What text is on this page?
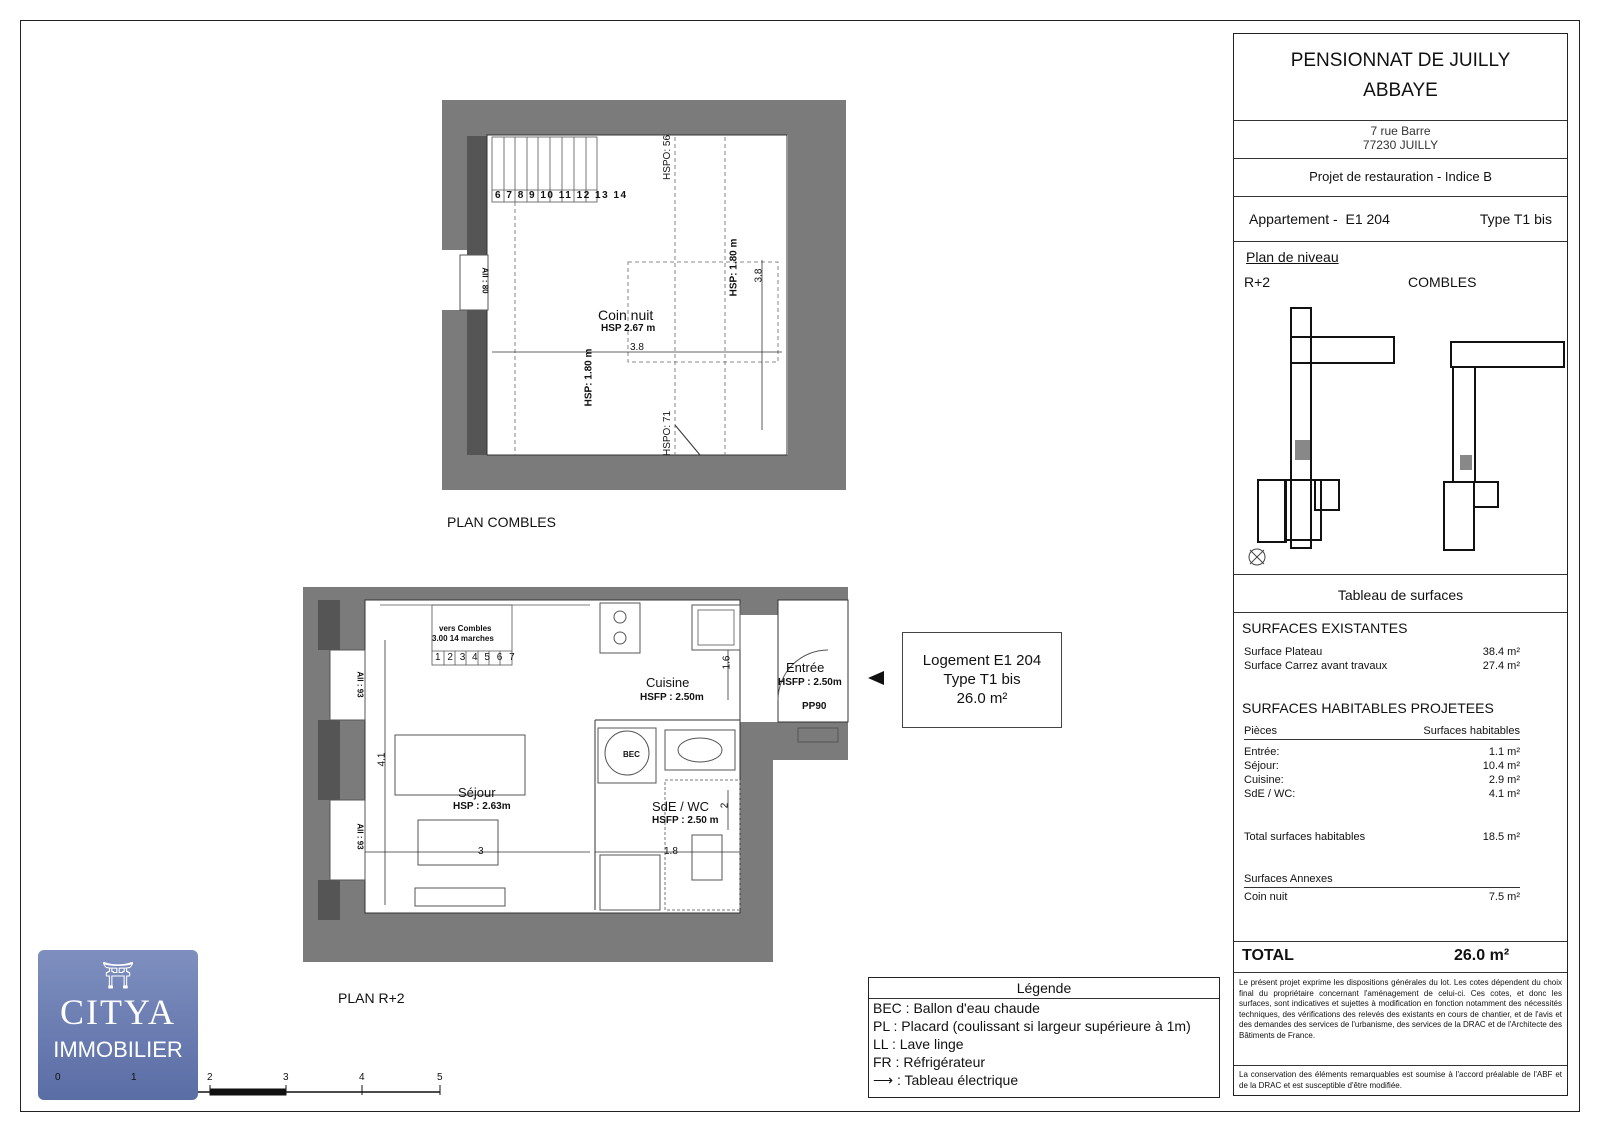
PLAN COMBLES
Coin nuit
HSP 2.67 m
6 7 8 9 10 11 12 13 14
3.8
3.8
HSP: 1.80 m
HSP: 1.80 m
HSPO: 56
HSPO: 71
All : 80
PLAN R+2
vers Combles
3.00 14 marches
1 2 3 4 5 6 7
Cuisine
HSFP : 2.50m
Entrée
HSFP : 2.50m
PP90
Séjour
HSP : 2.63m	SdE / WC
HSFP : 2.50 m
BEC
4.1
3	1.8
1.6
2
All : 93
All : 93
Logement E1 204
Type T1 bis
26.0 m²
Légende
BEC : Ballon d'eau chaude
PL : Placard (coulissant si largeur supérieure à 1m)
LL : Lave linge
FR : Réfrigérateur
⟶ : Tableau électrique
⛩
CITYA
IMMOBILIER
0	1	2	3	4	5
PENSIONNAT DE JUILLY
ABBAYE
7 rue Barre
77230 JUILLY
Projet de restauration - Indice B
Appartement - E1 204	Type T1 bis
Plan de niveau
R+2	COMBLES
Tableau de surfaces
SURFACES EXISTANTES
Surface Plateau	38.4 m²
Surface Carrez avant travaux	27.4 m²
SURFACES HABITABLES PROJETEES
Pièces	Surfaces habitables
Entrée:	1.1 m²
Séjour:	10.4 m²
Cuisine:	2.9 m²
SdE / WC:	4.1 m²
Total surfaces habitables	18.5 m²
Surfaces Annexes
Coin nuit	7.5 m²
TOTAL	26.0 m²
Le présent projet exprime les dispositions générales du lot. Les cotes dépendent du choix final du propriétaire concernant l'aménagement de celui-ci. Ces cotes, et donc les surfaces, sont indicatives et sujettes à modification en fonction notamment des nécessités techniques, des vérifications des relevés des existants en cours de chantier, et de l'avis et des demandes des services de l'urbanisme, des services de la DRAC et de l'Architecte des Bâtiments de France.
La conservation des éléments remarquables est soumise à l'accord préalable de l'ABF et de la DRAC et est susceptible d'être modifiée.
